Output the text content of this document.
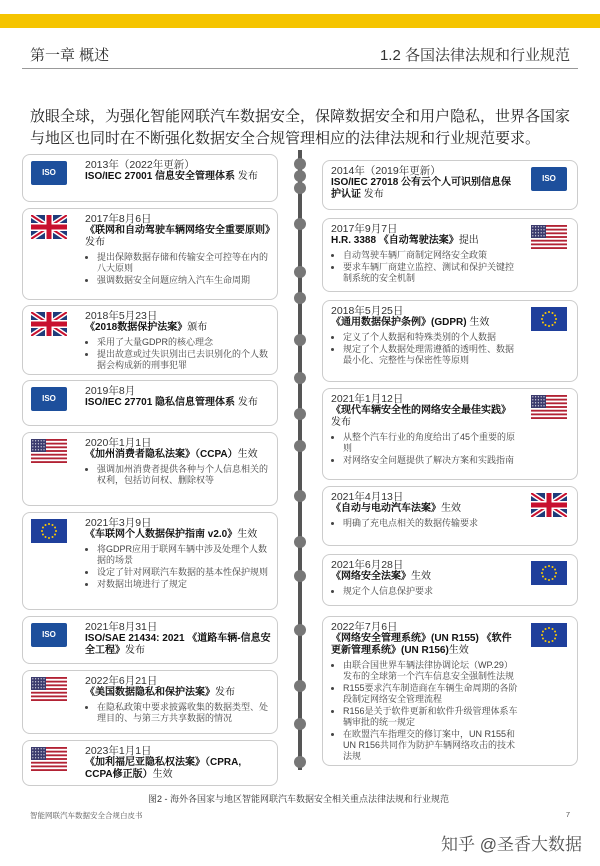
第一章 概述	1.2 各国法律法规和行业规范
放眼全球，为强化智能网联汽车数据安全，保障数据安全和用户隐私，世界各国家与地区也同时在不断强化数据安全合规管理相应的法律法规和行业规范要求。
ISO
2013年（2022年更新）
ISO/IEC 27001 信息安全管理体系 发布
2017年8月6日
《联网和自动驾驶车辆网络安全重要原则》发布
• 提出保障数据存储和传输安全可控等在内的八大原则
• 强调数据安全问题应纳入汽车生命周期
2018年5月23日
《2018数据保护法案》颁布
• 采用了大量GDPR的核心理念
• 提出故意或过失识别出已去识别化的个人数据会构成新的刑事犯罪
ISO
2019年8月
ISO/IEC 27701 隐私信息管理体系 发布
2020年1月1日
《加州消费者隐私法案》（CCPA）生效
• 强调加州消费者提供各种与个人信息相关的权利，包括访问权、删除权等
2021年3月9日
《车联网个人数据保护指南 v2.0》生效
• 将GDPR应用于联网车辆中涉及处理个人数据的场景
• 设定了针对网联汽车数据的基本性保护规则
• 对数据出境进行了规定
ISO
2021年8月31日
ISO/SAE 21434: 2021 《道路车辆-信息安全工程》发布
2022年6月21日
《美国数据隐私和保护法案》发布
• 在隐私政策中要求披露收集的数据类型、处理目的、与第三方共享数据的情况
2023年1月1日
《加利福尼亚隐私权法案》（CPRA, CCPA修正版）生效
ISO
2014年（2019年更新）
ISO/IEC 27018 公有云个人可识别信息保护认证 发布
2017年9月7日
H.R. 3388 《自动驾驶法案》提出
• 自动驾驶车辆厂商制定网络安全政策
• 要求车辆厂商建立监控、测试和保护关键控制系统的安全机制
2018年5月25日
《通用数据保护条例》(GDPR) 生效
• 定义了个人数据和特殊类别的个人数据
• 规定了个人数据处理需遵循的透明性、数据最小化、完整性与保密性等原则
2021年1月12日
《现代车辆安全性的网络安全最佳实践》发布
• 从整个汽车行业的角度给出了45个重要的原则
• 对网络安全问题提供了解决方案和实践指南
2021年4月13日
《自动与电动汽车法案》生效
• 明确了充电点相关的数据传输要求
2021年6月28日
《网络安全法案》生效
• 规定个人信息保护要求
2022年7月6日
《网络安全管理系统》(UN R155) 《软件更新管理系统》(UN R156)生效
• 由联合国世界车辆法律协调论坛（WP.29）发布的全球第一个汽车信息安全强制性法规
• R155要求汽车制造商在车辆生命周期的各阶段制定网络安全管理流程
• R156是关于软件更新和软件升级管理体系车辆审批的统一规定
• 在欧盟汽车指理交的修订案中，UN R155和UN R156共同作为防护车辆网络攻击的技术法规
图2 - 海外各国家与地区智能网联汽车数据安全相关重点法律法规和行业规范
智能网联汽车数据安全合规白皮书	7
知乎 @圣香大数据
